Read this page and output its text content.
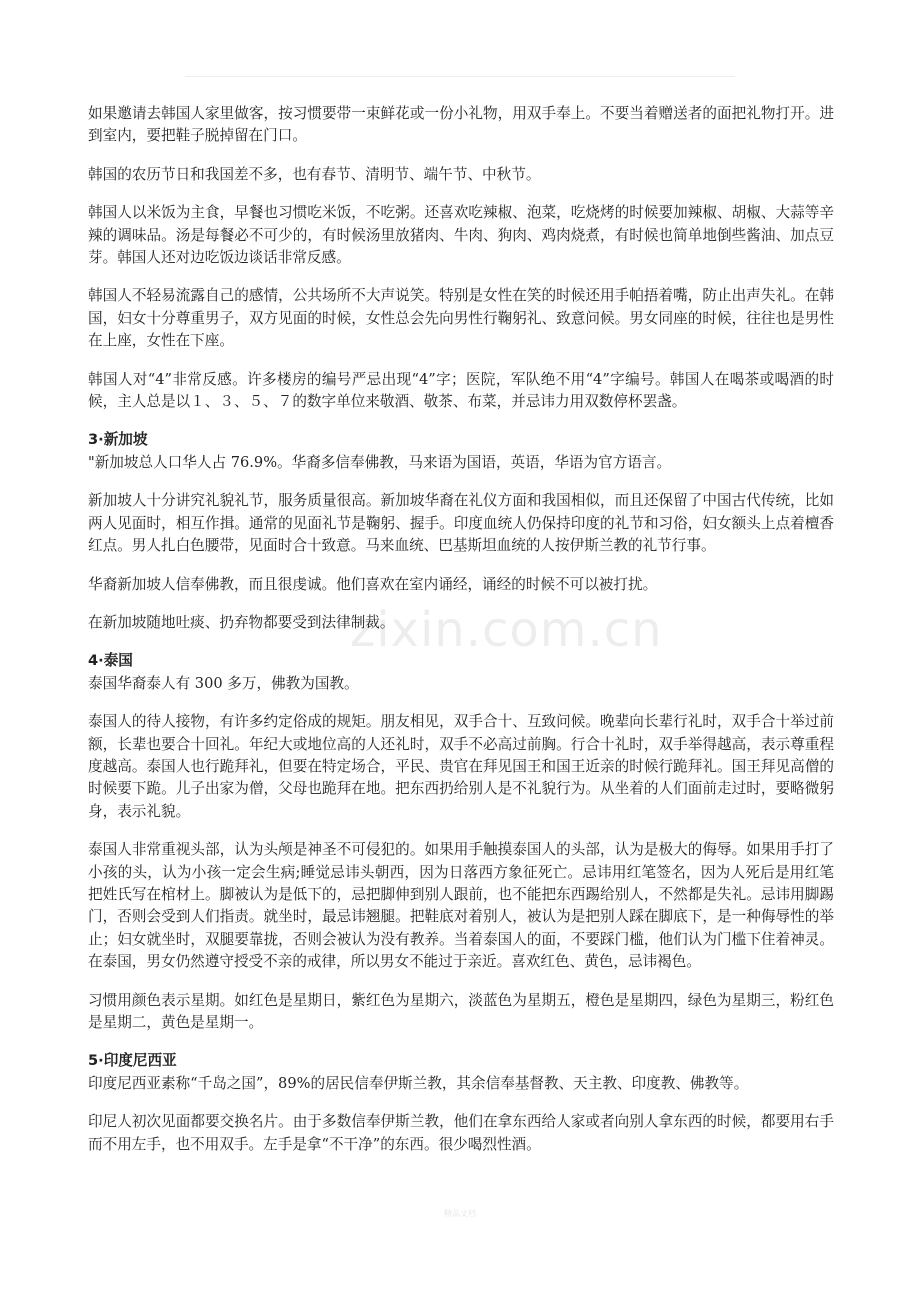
如果邀请去韩国人家里做客，按习惯要带一束鲜花或一份小礼物，用双手奉上。不要当着赠送者的面把礼物打开。进到室内，要把鞋子脱掉留在门口。

韩国的农历节日和我国差不多，也有春节、清明节、端午节、中秋节。

韩国人以米饭为主食，早餐也习惯吃米饭，不吃粥。还喜欢吃辣椒、泡菜，吃烧烤的时候要加辣椒、胡椒、大蒜等辛辣的调味品。汤是每餐必不可少的，有时候汤里放猪肉、牛肉、狗肉、鸡肉烧煮，有时候也简单地倒些酱油、加点豆芽。韩国人还对边吃饭边谈话非常反感。

韩国人不轻易流露自己的感情，公共场所不大声说笑。特别是女性在笑的时候还用手帕捂着嘴，防止出声失礼。在韩国，妇女十分尊重男子，双方见面的时候，女性总会先向男性行鞠躬礼、致意问候。男女同座的时候，往往也是男性在上座，女性在下座。

韩国人对“4”非常反感。许多楼房的编号严忌出现“4”字；医院，军队绝不用“4”字编号。韩国人在喝茶或喝酒的时候，主人总是以１、３、５、７的数字单位来敬酒、敬茶、布菜，并忌讳力用双数停杯罢盏。

3·新加坡

"新加坡总人口华人占 76.9%。华裔多信奉佛教，马来语为国语，英语，华语为官方语言。

新加坡人十分讲究礼貌礼节，服务质量很高。新加坡华裔在礼仪方面和我国相似，而且还保留了中国古代传统，比如两人见面时，相互作揖。通常的见面礼节是鞠躬、握手。印度血统人仍保持印度的礼节和习俗，妇女额头上点着檀香红点。男人扎白色腰带，见面时合十致意。马来血统、巴基斯坦血统的人按伊斯兰教的礼节行事。

华裔新加坡人信奉佛教，而且很虔诚。他们喜欢在室内诵经，诵经的时候不可以被打扰。

在新加坡随地吐痰、扔弃物都要受到法律制裁。

4·泰国

泰国华裔泰人有 300 多万，佛教为国教。

泰国人的待人接物，有许多约定俗成的规矩。朋友相见，双手合十、互致问候。晚辈向长辈行礼时，双手合十举过前额，长辈也要合十回礼。年纪大或地位高的人还礼时，双手不必高过前胸。行合十礼时，双手举得越高，表示尊重程度越高。泰国人也行跪拜礼，但要在特定场合，平民、贵官在拜见国王和国王近亲的时候行跪拜礼。国王拜见高僧的时候要下跪。儿子出家为僧，父母也跪拜在地。把东西扔给别人是不礼貌行为。从坐着的人们面前走过时，要略微躬身，表示礼貌。

泰国人非常重视头部，认为头颅是神圣不可侵犯的。如果用手触摸泰国人的头部，认为是极大的侮辱。如果用手打了小孩的头，认为小孩一定会生病;睡觉忌讳头朝西，因为日落西方象征死亡。忌讳用红笔签名，因为人死后是用红笔把姓氏写在棺材上。脚被认为是低下的，忌把脚伸到别人跟前，也不能把东西踢给别人，不然都是失礼。忌讳用脚踢门，否则会受到人们指责。就坐时，最忌讳翘腿。把鞋底对着别人，被认为是把别人踩在脚底下，是一种侮辱性的举止；妇女就坐时，双腿要靠拢，否则会被认为没有教养。当着泰国人的面，不要踩门槛，他们认为门槛下住着神灵。在泰国，男女仍然遵守授受不亲的戒律，所以男女不能过于亲近。喜欢红色、黄色，忌讳褐色。

习惯用颜色表示星期。如红色是星期日，紫红色为星期六，淡蓝色为星期五，橙色是星期四，绿色为星期三，粉红色是星期二，黄色是星期一。

5·印度尼西亚

印度尼西亚素称“千岛之国”，89%的居民信奉伊斯兰教，其余信奉基督教、天主教、印度教、佛教等。

印尼人初次见面都要交换名片。由于多数信奉伊斯兰教，他们在拿东西给人家或者向别人拿东西的时候，都要用右手而不用左手，也不用双手。左手是拿“不干净”的东西。很少喝烈性酒。

zixin.com.cn
精品文档
